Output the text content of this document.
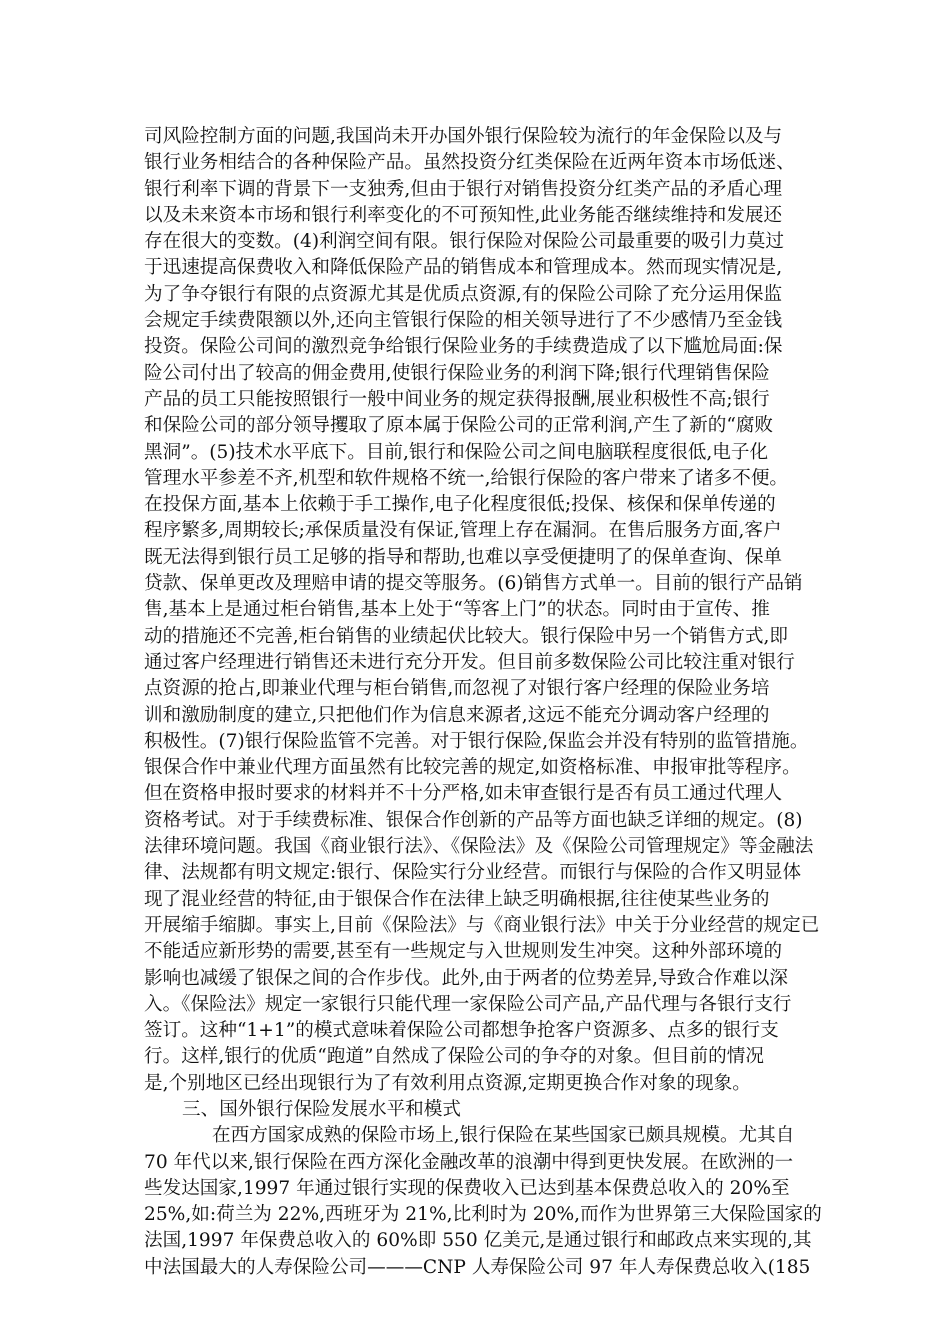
司风险控制方面的问题,我国尚未开办国外银行保险较为流行的年金保险以及与
银行业务相结合的各种保险产品。虽然投资分红类保险在近两年资本市场低迷、
银行利率下调的背景下一支独秀,但由于银行对销售投资分红类产品的矛盾心理
以及未来资本市场和银行利率变化的不可预知性,此业务能否继续维持和发展还
存在很大的变数。(4)利润空间有限。银行保险对保险公司最重要的吸引力莫过
于迅速提高保费收入和降低保险产品的销售成本和管理成本。然而现实情况是,
为了争夺银行有限的点资源尤其是优质点资源,有的保险公司除了充分运用保监
会规定手续费限额以外,还向主管银行保险的相关领导进行了不少感情乃至金钱
投资。保险公司间的激烈竞争给银行保险业务的手续费造成了以下尴尬局面:保
险公司付出了较高的佣金费用,使银行保险业务的利润下降;银行代理销售保险
产品的员工只能按照银行一般中间业务的规定获得报酬,展业积极性不高;银行
和保险公司的部分领导攫取了原本属于保险公司的正常利润,产生了新的“腐败
黑洞”。(5)技术水平底下。目前,银行和保险公司之间电脑联程度很低,电子化
管理水平参差不齐,机型和软件规格不统一,给银行保险的客户带来了诸多不便。
在投保方面,基本上依赖于手工操作,电子化程度很低;投保、核保和保单传递的
程序繁多,周期较长;承保质量没有保证,管理上存在漏洞。在售后服务方面,客户
既无法得到银行员工足够的指导和帮助,也难以享受便捷明了的保单查询、保单
贷款、保单更改及理赔申请的提交等服务。(6)销售方式单一。目前的银行产品销
售,基本上是通过柜台销售,基本上处于“等客上门”的状态。同时由于宣传、推
动的措施还不完善,柜台销售的业绩起伏比较大。银行保险中另一个销售方式,即
通过客户经理进行销售还未进行充分开发。但目前多数保险公司比较注重对银行
点资源的抢占,即兼业代理与柜台销售,而忽视了对银行客户经理的保险业务培
训和激励制度的建立,只把他们作为信息来源者,这远不能充分调动客户经理的
积极性。(7)银行保险监管不完善。对于银行保险,保监会并没有特别的监管措施。
银保合作中兼业代理方面虽然有比较完善的规定,如资格标准、申报审批等程序。
但在资格申报时要求的材料并不十分严格,如未审查银行是否有员工通过代理人
资格考试。对于手续费标准、银保合作创新的产品等方面也缺乏详细的规定。(8)
法律环境问题。我国《商业银行法》、《保险法》及《保险公司管理规定》等金融法
律、法规都有明文规定:银行、保险实行分业经营。而银行与保险的合作又明显体
现了混业经营的特征,由于银保合作在法律上缺乏明确根据,往往使某些业务的
开展缩手缩脚。事实上,目前《保险法》与《商业银行法》中关于分业经营的规定已
不能适应新形势的需要,甚至有一些规定与入世规则发生冲突。这种外部环境的
影响也减缓了银保之间的合作步伐。此外,由于两者的位势差异,导致合作难以深
入。《保险法》规定一家银行只能代理一家保险公司产品,产品代理与各银行支行
签订。这种“1+1”的模式意味着保险公司都想争抢客户资源多、点多的银行支
行。这样,银行的优质“跑道”自然成了保险公司的争夺的对象。但目前的情况
是,个别地区已经出现银行为了有效利用点资源,定期更换合作对象的现象。
三、国外银行保险发展水平和模式
在西方国家成熟的保险市场上,银行保险在某些国家已颇具规模。尤其自
70 年代以来,银行保险在西方深化金融改革的浪潮中得到更快发展。在欧洲的一
些发达国家,1997 年通过银行实现的保费收入已达到基本保费总收入的 20%至
25%,如:荷兰为 22%,西班牙为 21%,比利时为 20%,而作为世界第三大保险国家的
法国,1997 年保费总收入的 60%即 550 亿美元,是通过银行和邮政点来实现的,其
中法国最大的人寿保险公司———CNP 人寿保险公司 97 年人寿保费总收入(185
